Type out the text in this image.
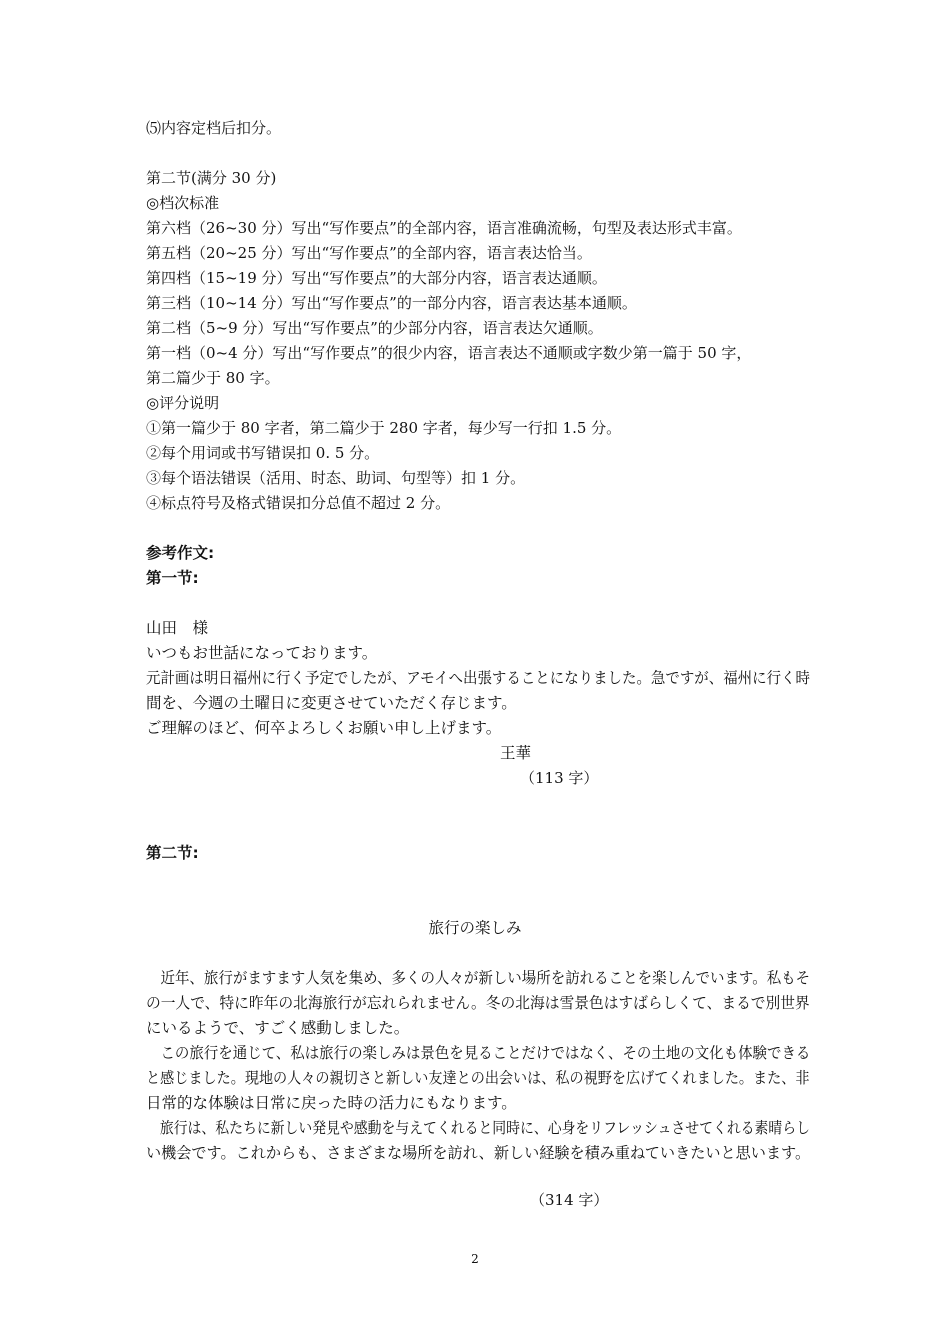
⑸内容定档后扣分。
第二节(满分 30 分)
◎档次标准
第六档（26~30 分）写出“写作要点”的全部内容，语言准确流畅，句型及表达形式丰富。
第五档（20~25 分）写出“写作要点”的全部内容，语言表达恰当。
第四档（15~19 分）写出“写作要点”的大部分内容，语言表达通顺。
第三档（10~14 分）写出“写作要点”的一部分内容，语言表达基本通顺。
第二档（5~9 分）写出“写作要点”的少部分内容，语言表达欠通顺。
第一档（0~4 分）写出“写作要点”的很少内容，语言表达不通顺或字数少第一篇于 50 字，
第二篇少于 80 字。
◎评分说明
①第一篇少于 80 字者，第二篇少于 280 字者，每少写一行扣 1.5 分。
②每个用词或书写错误扣 0. 5 分。
③每个语法错误（活用、时态、助词、句型等）扣 1 分。
④标点符号及格式错误扣分总值不超过 2 分。
参考作文:
第一节:
山田　様
いつもお世話になっております。
元計画は明日福州に行く予定でしたが、アモイへ出張することになりました。急ですが、福州に行く時
間を、今週の土曜日に変更させていただく存じます。
ご理解のほど、何卒よろしくお願い申し上げます。
王華
（113 字）
第二节:
旅行の楽しみ
　近年、旅行がますます人気を集め、多くの人々が新しい場所を訪れることを楽しんでいます。私もそ
の一人で、特に昨年の北海旅行が忘れられません。冬の北海は雪景色はすばらしくて、まるで別世界
にいるようで、すごく感動しました。
　この旅行を通じて、私は旅行の楽しみは景色を見ることだけではなく、その土地の文化も体験できる
と感じました。現地の人々の親切さと新しい友達との出会いは、私の視野を広げてくれました。また、非
日常的な体験は日常に戻った時の活力にもなります。
　旅行は、私たちに新しい発見や感動を与えてくれると同時に、心身をリフレッシュさせてくれる素晴らし
い機会です。これからも、さまざまな場所を訪れ、新しい経験を積み重ねていきたいと思います。
（314 字）
2
